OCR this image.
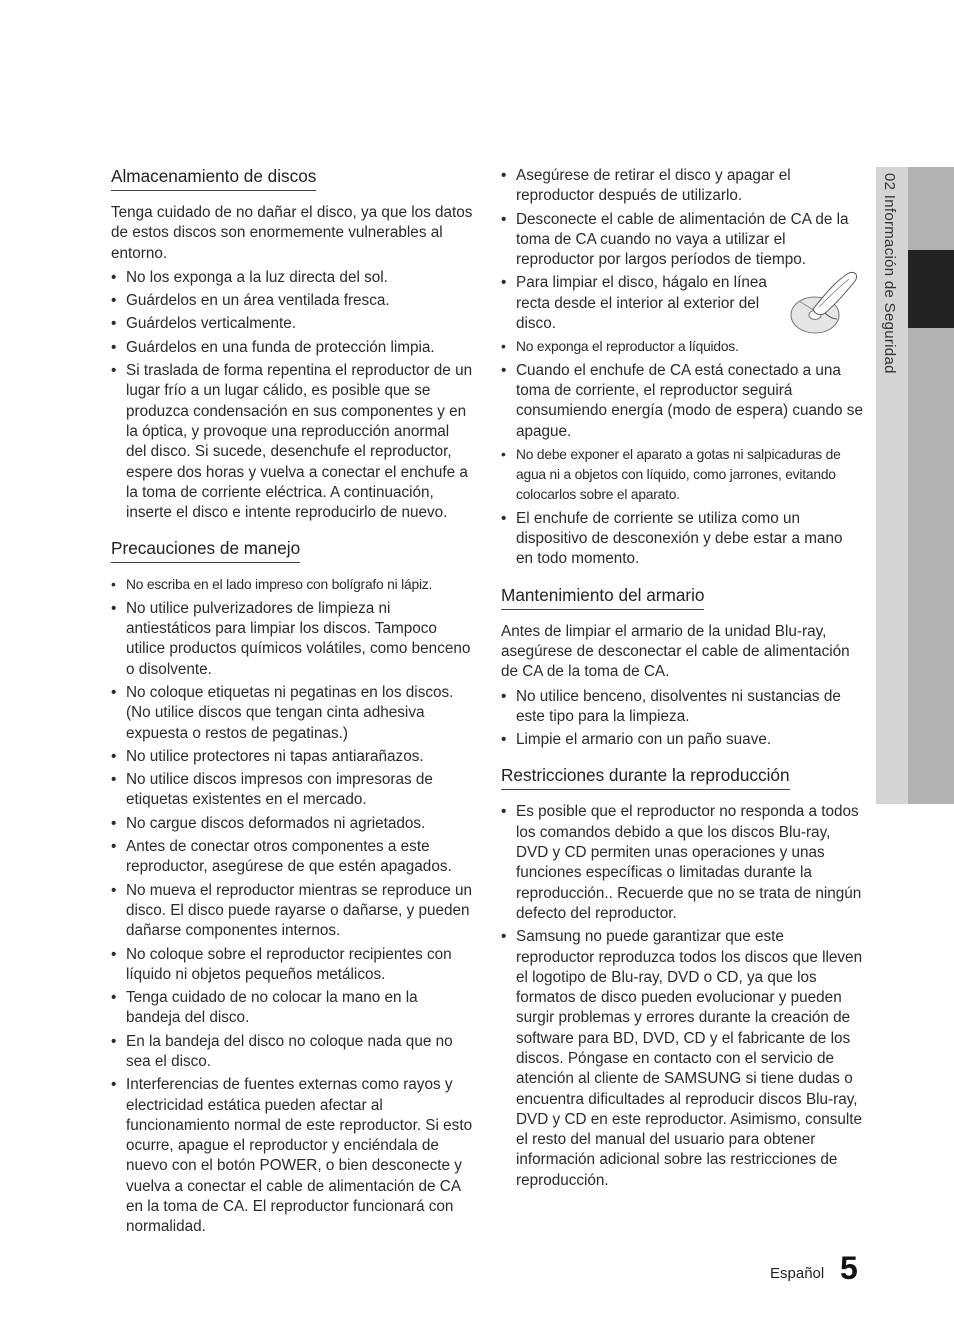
02 Información de Seguridad
Almacenamiento de discos

Tenga cuidado de no dañar el disco, ya que los datos de estos discos son enormemente vulnerables al entorno.

• No los exponga a la luz directa del sol.
• Guárdelos en un área ventilada fresca.
• Guárdelos verticalmente.
• Guárdelos en una funda de protección limpia.
• Si traslada de forma repentina el reproductor de un lugar frío a un lugar cálido, es posible que se produzca condensación en sus componentes y en la óptica, y provoque una reproducción anormal del disco. Si sucede, desenchufe el reproductor, espere dos horas y vuelva a conectar el enchufe a la toma de corriente eléctrica. A continuación, inserte el disco e intente reproducirlo de nuevo.
Precauciones de manejo
• No escriba en el lado impreso con bolígrafo ni lápiz.
• No utilice pulverizadores de limpieza ni antiestáticos para limpiar los discos. Tampoco utilice productos químicos volátiles, como benceno o disolvente.
• No coloque etiquetas ni pegatinas en los discos. (No utilice discos que tengan cinta adhesiva expuesta o restos de pegatinas.)
• No utilice protectores ni tapas antiarañazos.
• No utilice discos impresos con impresoras de etiquetas existentes en el mercado.
• No cargue discos deformados ni agrietados.
• Antes de conectar otros componentes a este reproductor, asegúrese de que estén apagados.
• No mueva el reproductor mientras se reproduce un disco. El disco puede rayarse o dañarse, y pueden dañarse componentes internos.
• No coloque sobre el reproductor recipientes con líquido ni objetos pequeños metálicos.
• Tenga cuidado de no colocar la mano en la bandeja del disco.
• En la bandeja del disco no coloque nada que no sea el disco.
• Interferencias de fuentes externas como rayos y electricidad estática pueden afectar al funcionamiento normal de este reproductor. Si esto ocurre, apague el reproductor y enciéndala de nuevo con el botón POWER, o bien desconecte y vuelva a conectar el cable de alimentación de CA en la toma de CA. El reproductor funcionará con normalidad.
• Asegúrese de retirar el disco y apagar el reproductor después de utilizarlo.
• Desconecte el cable de alimentación de CA de la toma de CA cuando no vaya a utilizar el reproductor por largos períodos de tiempo.
• Para limpiar el disco, hágalo en línea recta desde el interior al exterior del disco.
• No exponga el reproductor a líquidos.
• Cuando el enchufe de CA está conectado a una toma de corriente, el reproductor seguirá consumiendo energía (modo de espera) cuando se apague.
• No debe exponer el aparato a gotas ni salpicaduras de agua ni a objetos con líquido, como jarrones, evitando colocarlos sobre el aparato.
• El enchufe de corriente se utiliza como un dispositivo de desconexión y debe estar a mano en todo momento.
Mantenimiento del armario

Antes de limpiar el armario de la unidad Blu-ray, asegúrese de desconectar el cable de alimentación de CA de la toma de CA.

• No utilice benceno, disolventes ni sustancias de este tipo para la limpieza.
• Limpie el armario con un paño suave.
Restricciones durante la reproducción
• Es posible que el reproductor no responda a todos los comandos debido a que los discos Blu-ray, DVD y CD permiten unas operaciones y unas funciones específicas o limitadas durante la reproducción.. Recuerde que no se trata de ningún defecto del reproductor.
• Samsung no puede garantizar que este reproductor reproduzca todos los discos que lleven el logotipo de Blu-ray, DVD o CD, ya que los formatos de disco pueden evolucionar y pueden surgir problemas y errores durante la creación de software para BD, DVD, CD y el fabricante de los discos. Póngase en contacto con el servicio de atención al cliente de SAMSUNG si tiene dudas o encuentra dificultades al reproducir discos Blu-ray, DVD y CD en este reproductor. Asimismo, consulte el resto del manual del usuario para obtener información adicional sobre las restricciones de reproducción.
Español 5
